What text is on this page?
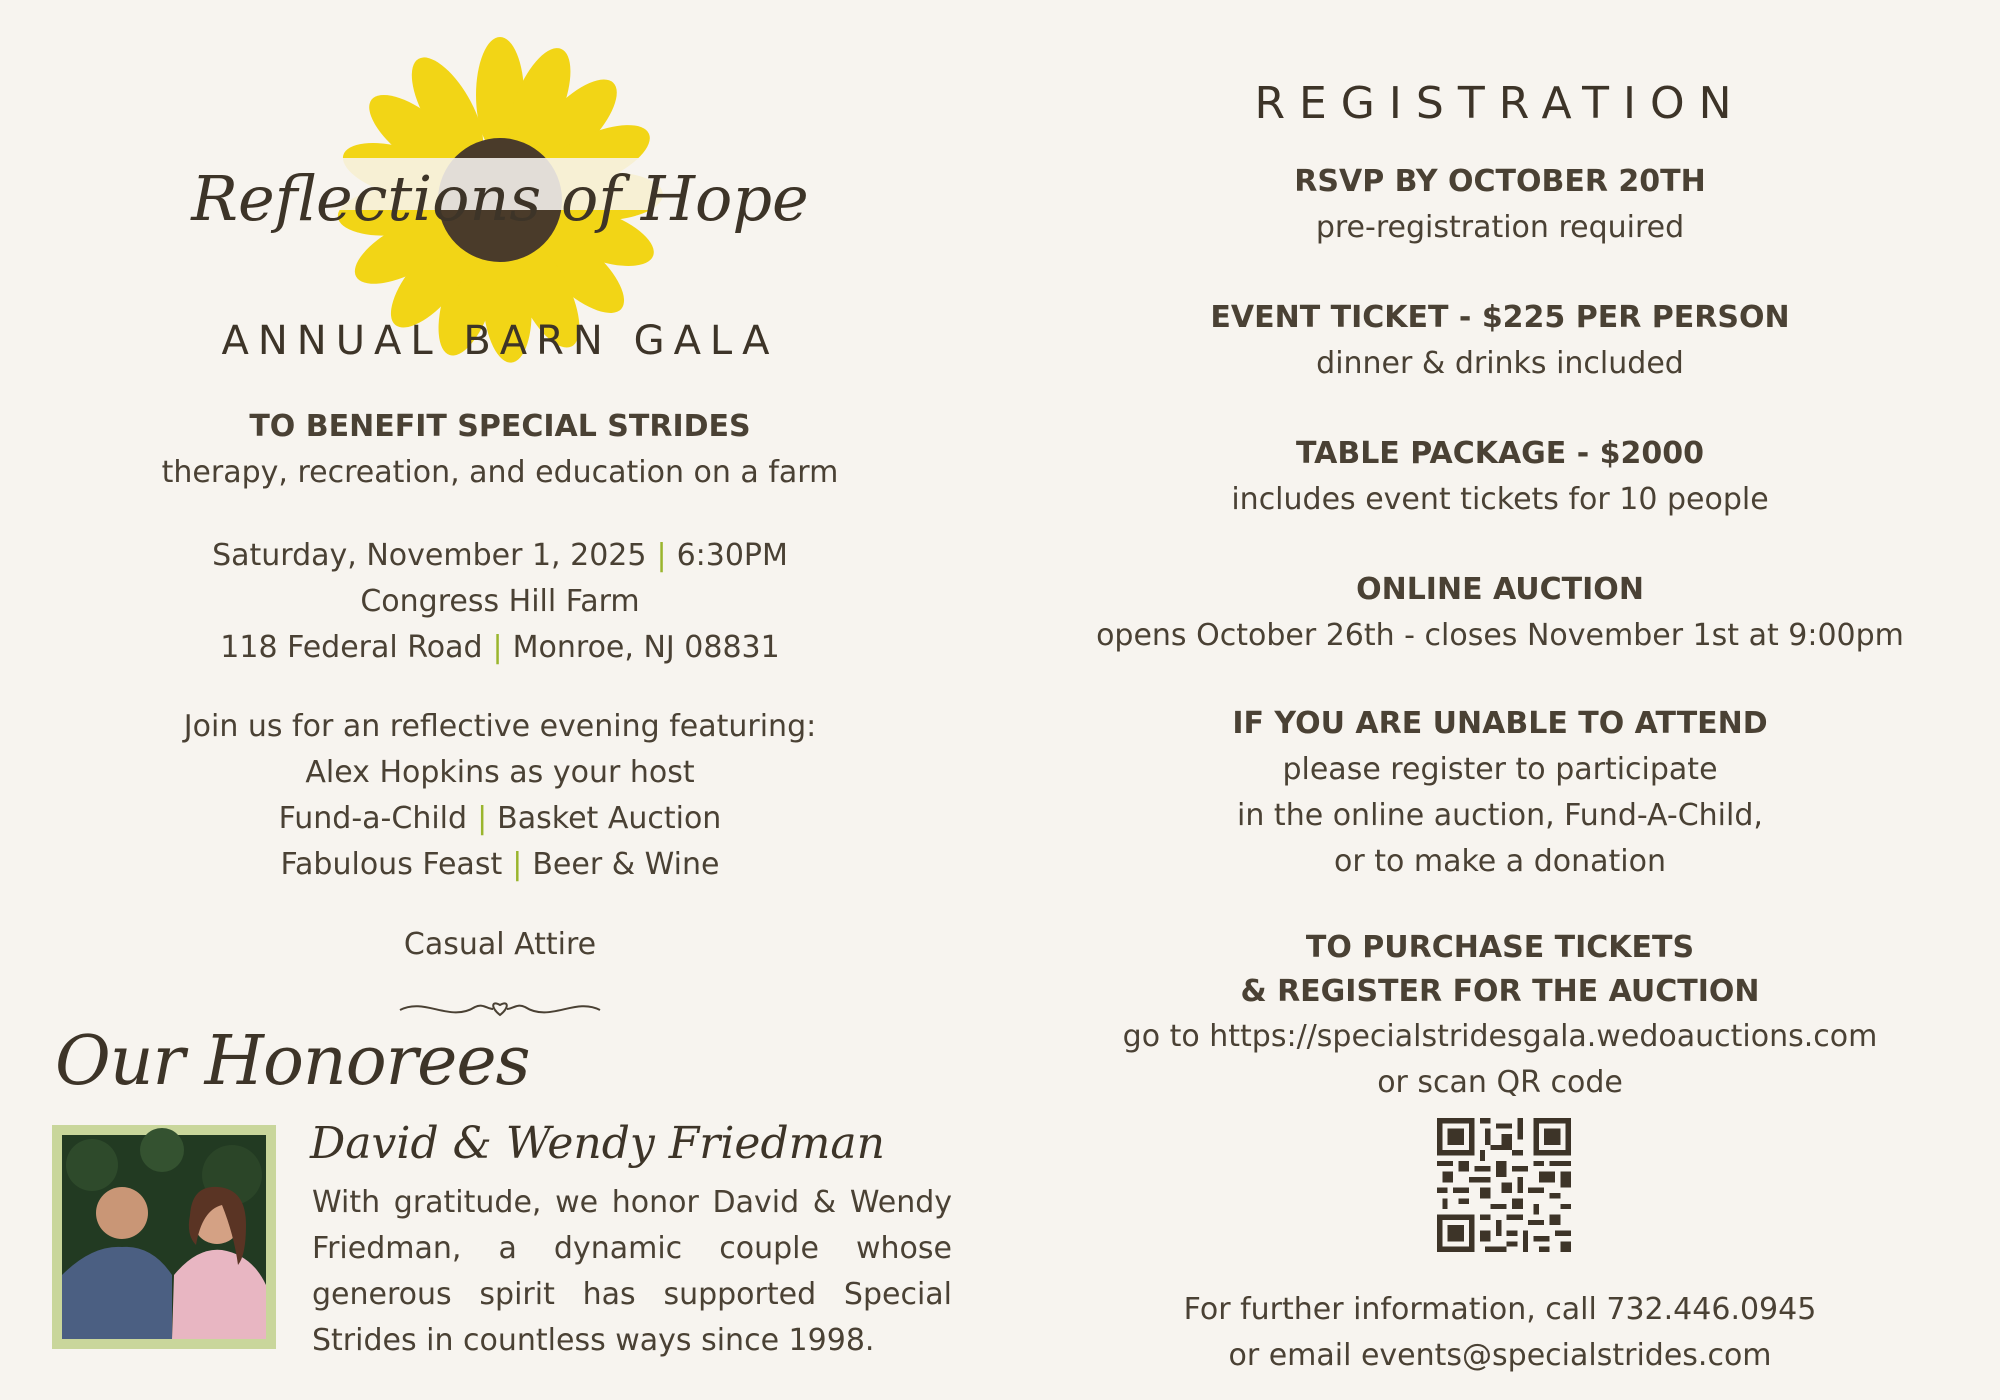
Reflections of Hope
ANNUAL BARN GALA
TO BENEFIT SPECIAL STRIDES
therapy, recreation, and education on a farm
Saturday, November 1, 2025 | 6:30PM
Congress Hill Farm
118 Federal Road | Monroe, NJ 08831
Join us for an reflective evening featuring:
Alex Hopkins as your host
Fund-a-Child | Basket Auction
Fabulous Feast | Beer & Wine
Casual Attire
Our Honorees
David & Wendy Friedman
With gratitude, we honor David & Wendy Friedman, a dynamic couple whose generous spirit has supported Special Strides in countless ways since 1998.
REGISTRATION
RSVP BY OCTOBER 20TH
pre-registration required
EVENT TICKET - $225 PER PERSON
dinner & drinks included
TABLE PACKAGE - $2000
includes event tickets for 10 people
ONLINE AUCTION
opens October 26th - closes November 1st at 9:00pm
IF YOU ARE UNABLE TO ATTEND
please register to participate
in the online auction, Fund-A-Child,
or to make a donation
TO PURCHASE TICKETS
& REGISTER FOR THE AUCTION
go to https://specialstridesgala.wedoauctions.com
or scan QR code
For further information, call 732.446.0945
or email events@specialstrides.com
